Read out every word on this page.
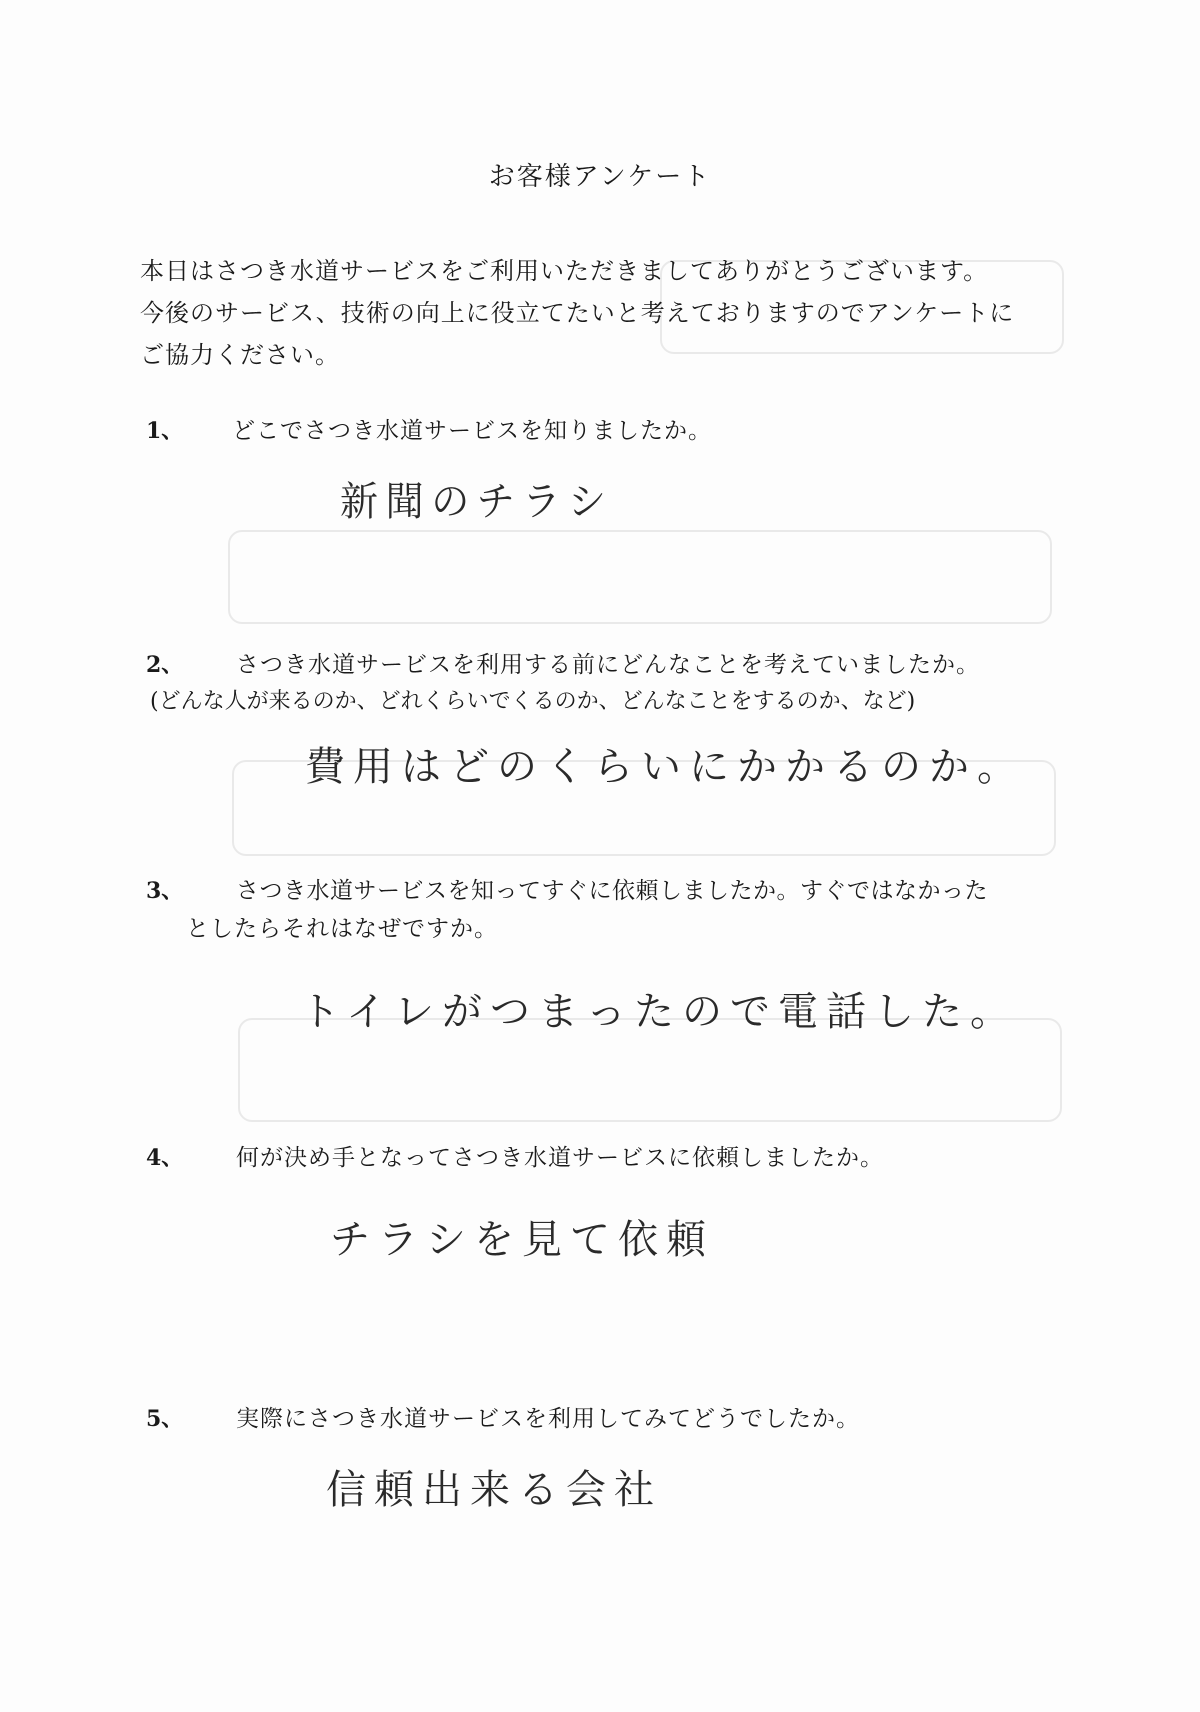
お客様アンケート
本日はさつき水道サービスをご利用いただきましてありがとうございます。
今後のサービス、技術の向上に役立てたいと考えておりますのでアンケートに
ご協力ください。
1、 どこでさつき水道サービスを知りましたか。
新聞のチラシ
2、 さつき水道サービスを利用する前にどんなことを考えていましたか。
(どんな人が来るのか、どれくらいでくるのか、どんなことをするのか、など)
費用はどのくらいにかかるのか。
3、 さつき水道サービスを知ってすぐに依頼しましたか。すぐではなかった
としたらそれはなぜですか。
トイレがつまったので電話した。
4、 何が決め手となってさつき水道サービスに依頼しましたか。
チラシを見て依頼
5、 実際にさつき水道サービスを利用してみてどうでしたか。
信頼出来る会社
